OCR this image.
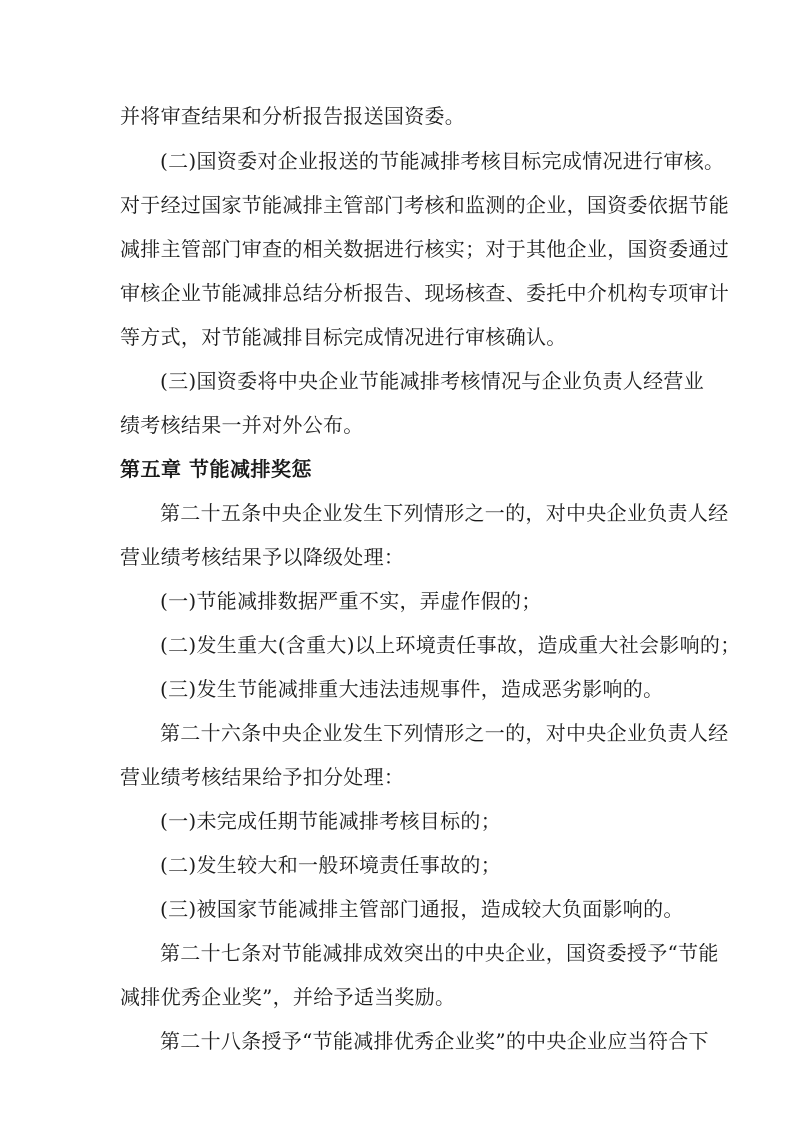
并将审查结果和分析报告报送国资委。

(二)国资委对企业报送的节能减排考核目标完成情况进行审核。

对于经过国家节能减排主管部门考核和监测的企业，国资委依据节能

减排主管部门审查的相关数据进行核实；对于其他企业，国资委通过

审核企业节能减排总结分析报告、现场核查、委托中介机构专项审计

等方式，对节能减排目标完成情况进行审核确认。

(三)国资委将中央企业节能减排考核情况与企业负责人经营业

绩考核结果一并对外公布。

第五章 节能减排奖惩

第二十五条中央企业发生下列情形之一的，对中央企业负责人经

营业绩考核结果予以降级处理：

(一)节能减排数据严重不实，弄虚作假的；

(二)发生重大(含重大)以上环境责任事故，造成重大社会影响的；

(三)发生节能减排重大违法违规事件，造成恶劣影响的。

第二十六条中央企业发生下列情形之一的，对中央企业负责人经

营业绩考核结果给予扣分处理：

(一)未完成任期节能减排考核目标的；

(二)发生较大和一般环境责任事故的；

(三)被国家节能减排主管部门通报，造成较大负面影响的。

第二十七条对节能减排成效突出的中央企业，国资委授予“节能

减排优秀企业奖”，并给予适当奖励。

第二十八条授予“节能减排优秀企业奖”的中央企业应当符合下
